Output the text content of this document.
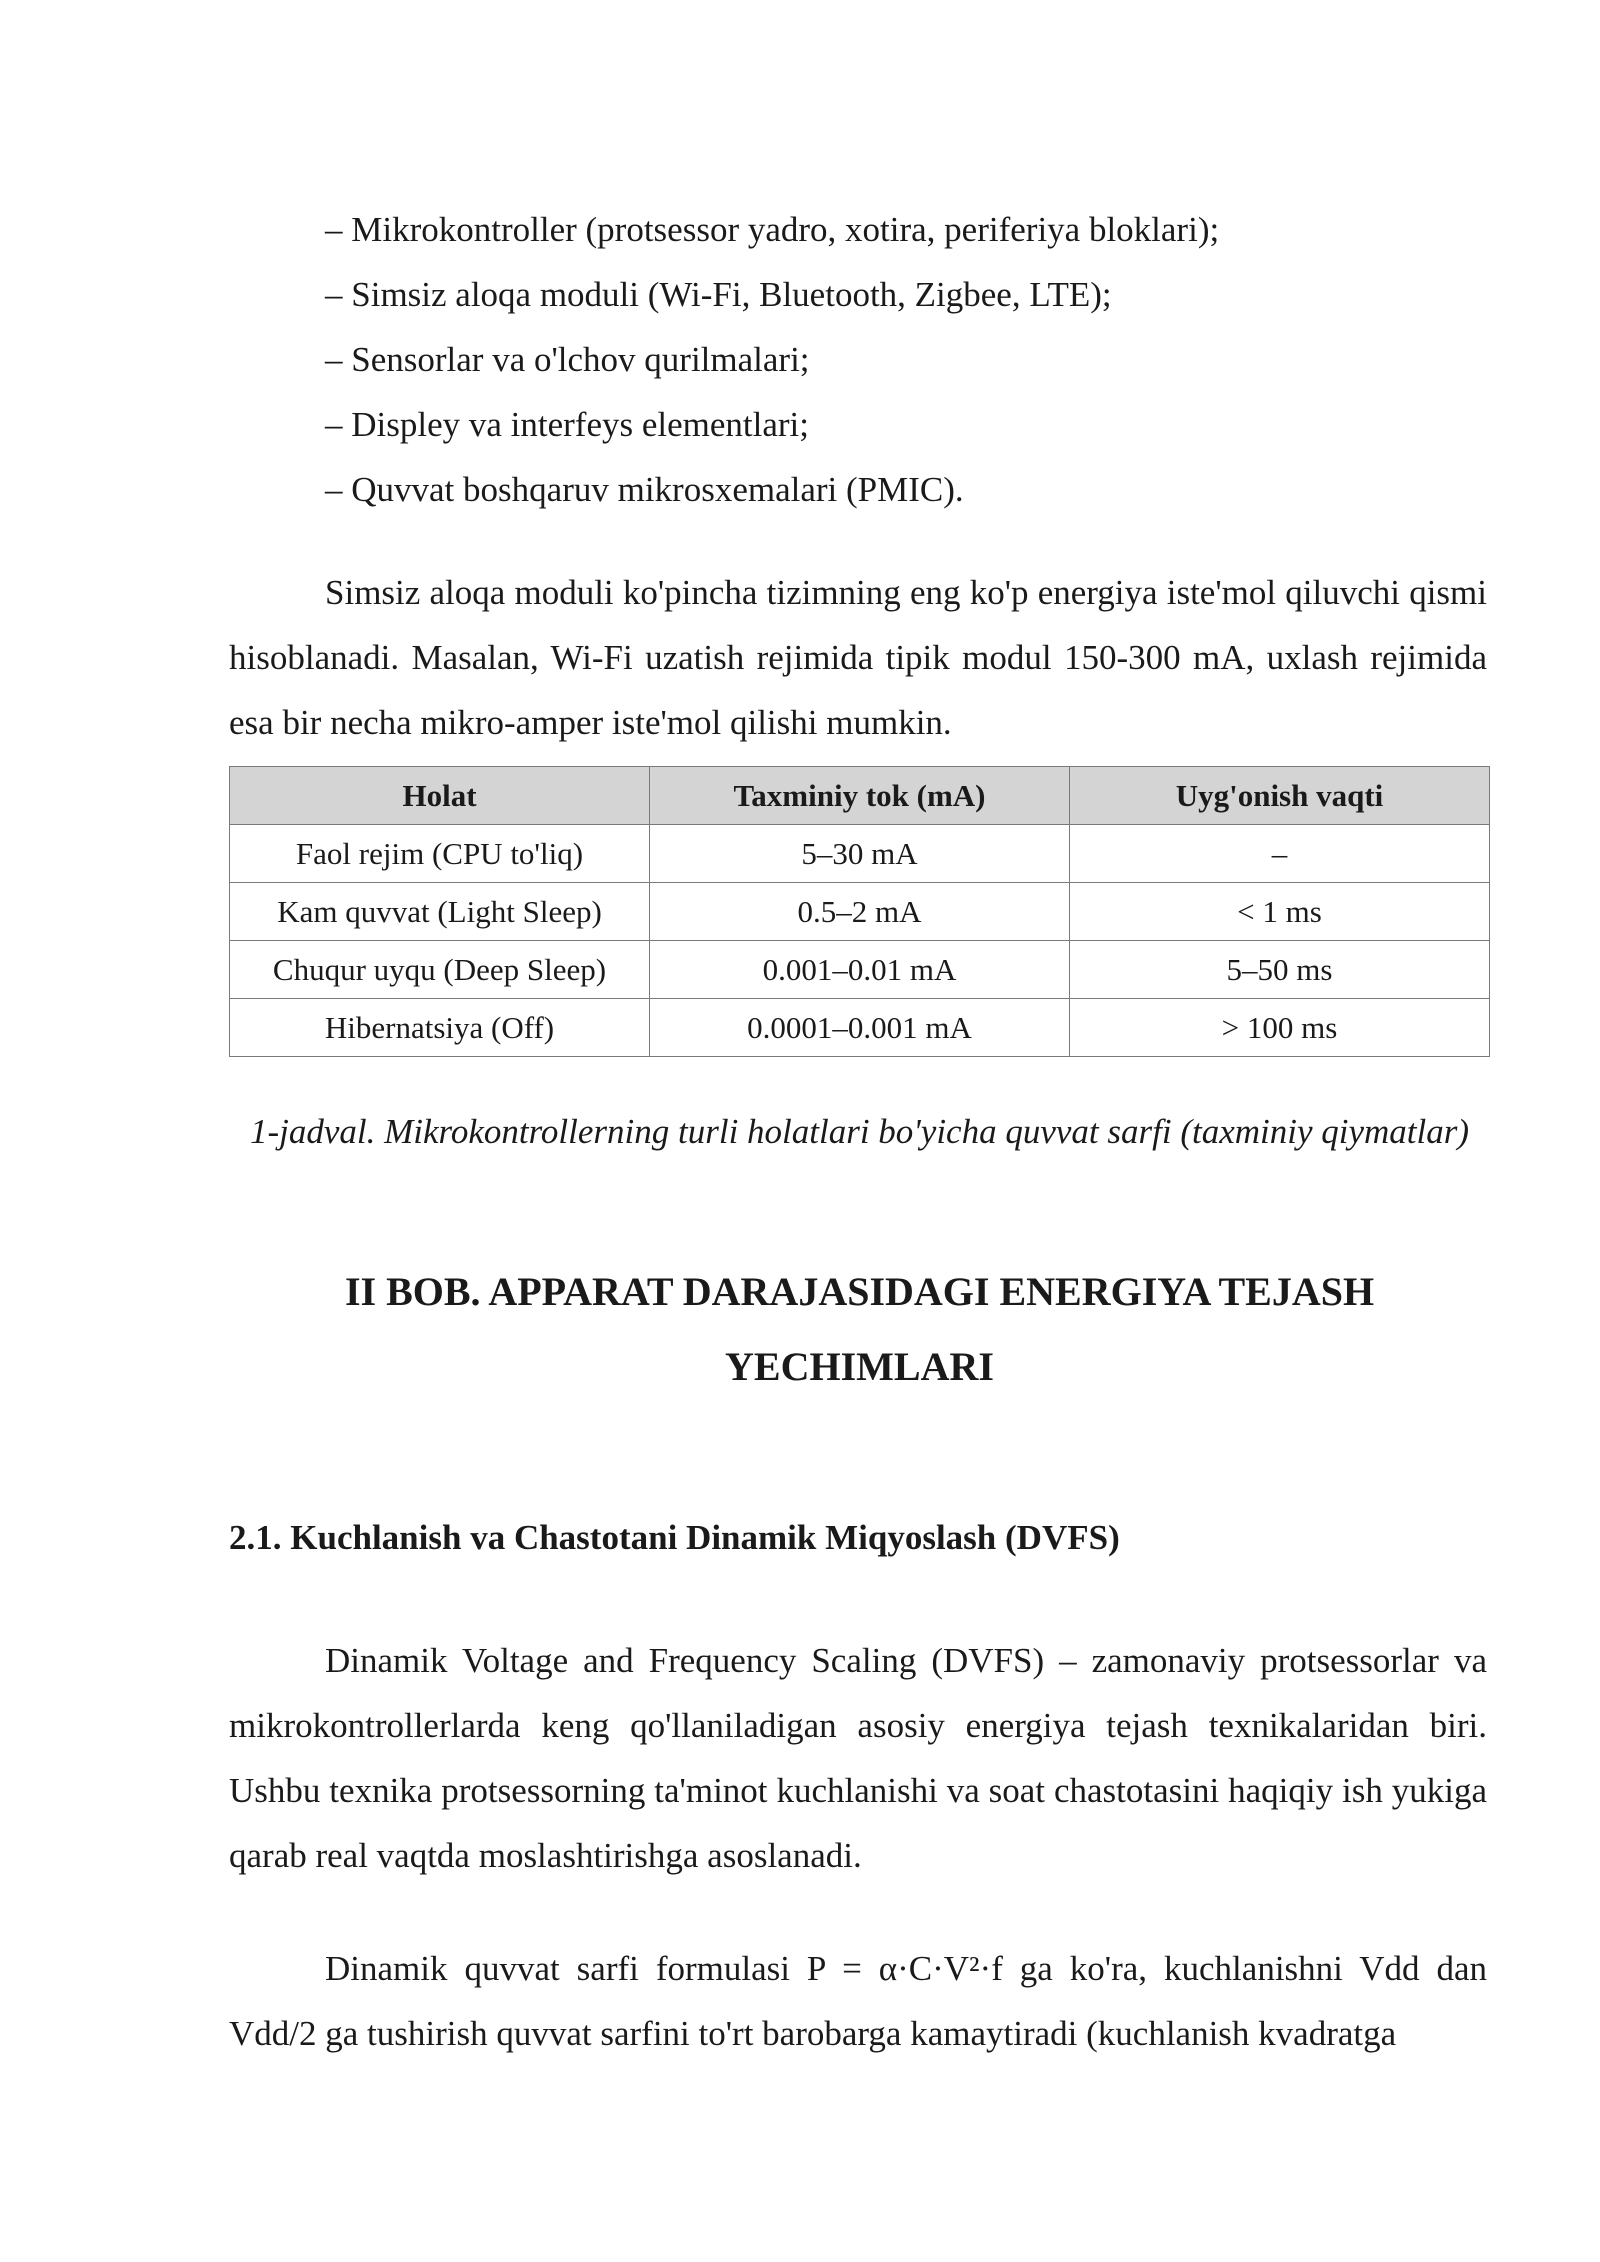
– Mikrokontroller (protsessor yadro, xotira, periferiya bloklari);
– Simsiz aloqa moduli (Wi-Fi, Bluetooth, Zigbee, LTE);
– Sensorlar va o'lchov qurilmalari;
– Displey va interfeys elementlari;
– Quvvat boshqaruv mikrosxemalari (PMIC).

Simsiz aloqa moduli ko'pincha tizimning eng ko'p energiya iste'mol qiluvchi qismi hisoblanadi. Masalan, Wi-Fi uzatish rejimida tipik modul 150-300 mA, uxlash rejimida esa bir necha mikro-amper iste'mol qilishi mumkin.

Holat	Taxminiy tok (mA)	Uyg'onish vaqti
Faol rejim (CPU to'liq)	5–30 mA	–
Kam quvvat (Light Sleep)	0.5–2 mA	< 1 ms
Chuqur uyqu (Deep Sleep)	0.001–0.01 mA	5–50 ms
Hibernatsiya (Off)	0.0001–0.001 mA	> 100 ms

1-jadval. Mikrokontrollerning turli holatlari bo'yicha quvvat sarfi (taxminiy qiymatlar)

II BOB. APPARAT DARAJASIDAGI ENERGIYA TEJASH YECHIMLARI
2.1. Kuchlanish va Chastotani Dinamik Miqyoslash (DVFS)

Dinamik Voltage and Frequency Scaling (DVFS) – zamonaviy protsessorlar va mikrokontrollerlarda keng qo'llaniladigan asosiy energiya tejash texnikalaridan biri. Ushbu texnika protsessorning ta'minot kuchlanishi va soat chastotasini haqiqiy ish yukiga qarab real vaqtda moslashtirishga asoslanadi.

Dinamik quvvat sarfi formulasi P = α·C·V²·f ga ko'ra, kuchlanishni Vdd dan Vdd/2 ga tushirish quvvat sarfini to'rt barobarga kamaytiradi (kuchlanish kvadratga
